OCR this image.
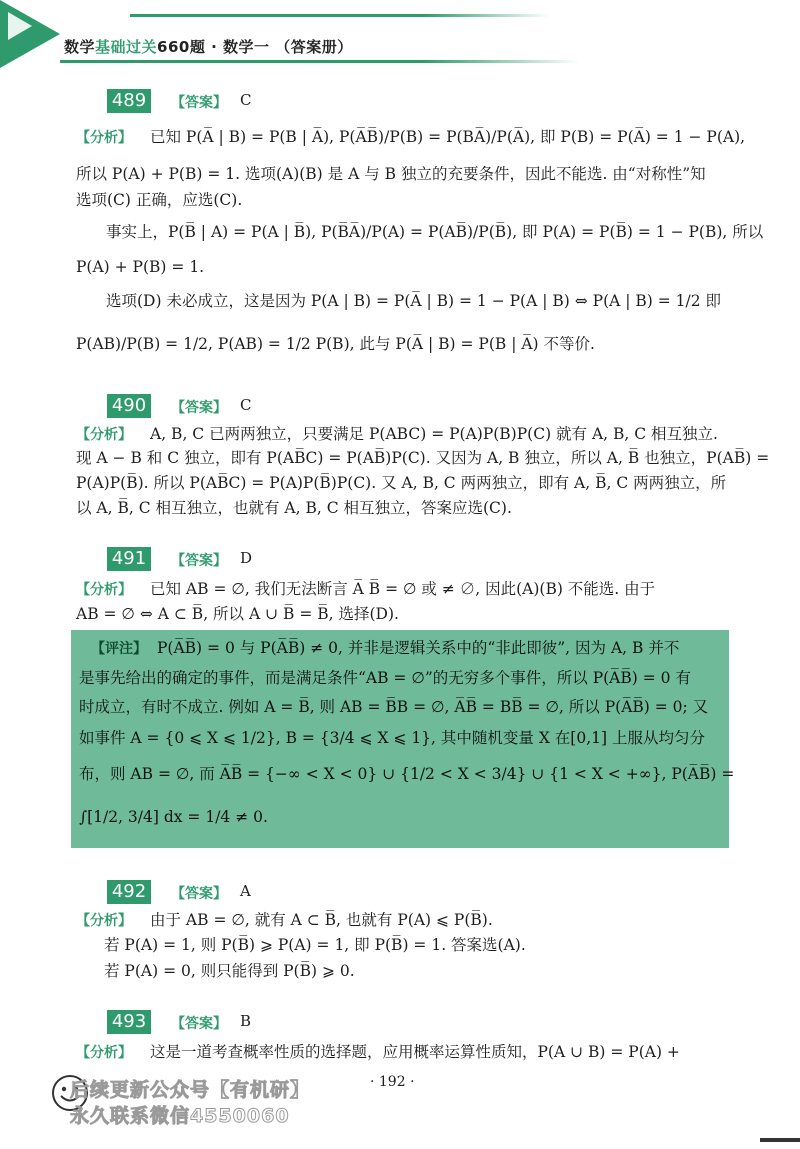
数学基础过关660题 · 数学一 （答案册）
489	【答案】 C
【分析】 已知 P(A̅ | B) = P(B | A̅), P(A̅B̅)/P(B) = P(BA̅)/P(A̅), 即 P(B) = P(A̅) = 1 − P(A),
所以 P(A) + P(B) = 1. 选项(A)(B) 是 A 与 B 独立的充要条件，因此不能选. 由“对称性”知
选项(C) 正确，应选(C).
事实上，P(B̅ | A) = P(A | B̅), P(B̅A̅)/P(A) = P(AB̅)/P(B̅), 即 P(A) = P(B̅) = 1 − P(B), 所以
P(A) + P(B) = 1.
选项(D) 未必成立，这是因为 P(A | B) = P(A̅ | B) = 1 − P(A | B) ⇔ P(A | B) = 1/2 即
P(AB)/P(B) = 1/2, P(AB) = 1/2 P(B), 此与 P(A̅ | B) = P(B | A̅) 不等价.
490	【答案】 C
【分析】 A, B, C 已两两独立，只要满足 P(ABC) = P(A)P(B)P(C) 就有 A, B, C 相互独立.
现 A − B 和 C 独立，即有 P(AB̅C) = P(AB̅)P(C). 又因为 A, B 独立，所以 A, B̅ 也独立，P(AB̅) =
P(A)P(B̅). 所以 P(AB̅C) = P(A)P(B̅)P(C). 又 A, B, C 两两独立，即有 A, B̅, C 两两独立，所
以 A, B̅, C 相互独立，也就有 A, B, C 相互独立，答案应选(C).
491	【答案】 D
【分析】 已知 AB = ∅, 我们无法断言 A̅ B̅ = ∅ 或 ≠ ∅, 因此(A)(B) 不能选. 由于
AB = ∅ ⇔ A ⊂ B̅, 所以 A ∪ B̅ = B̅, 选择(D).
【评注】 P(A̅B̅) = 0 与 P(A̅B̅) ≠ 0, 并非是逻辑关系中的“非此即彼”, 因为 A, B 并不
是事先给出的确定的事件，而是满足条件“AB = ∅”的无穷多个事件，所以 P(A̅B̅) = 0 有
时成立，有时不成立. 例如 A = B̅, 则 AB = B̅B = ∅, A̅B̅ = BB̅ = ∅, 所以 P(A̅B̅) = 0; 又
如事件 A = {0 ⩽ X ⩽ 1/2}, B = {3/4 ⩽ X ⩽ 1}, 其中随机变量 X 在[0,1] 上服从均匀分
布，则 AB = ∅, 而 A̅B̅ = {−∞ < X < 0} ∪ {1/2 < X < 3/4} ∪ {1 < X < +∞}, P(A̅B̅) =
∫[1/2, 3/4] dx = 1/4 ≠ 0.
492	【答案】 A
【分析】 由于 AB = ∅, 就有 A ⊂ B̅, 也就有 P(A) ⩽ P(B̅).
若 P(A) = 1, 则 P(B̅) ⩾ P(A) = 1, 即 P(B̅) = 1. 答案选(A).
若 P(A) = 0, 则只能得到 P(B̅) ⩾ 0.
493	【答案】 B
【分析】 这是一道考查概率性质的选择题，应用概率运算性质知，P(A ∪ B) = P(A) +
· 192 ·
后续更新公众号【有机研】
永久联系微信4550060
